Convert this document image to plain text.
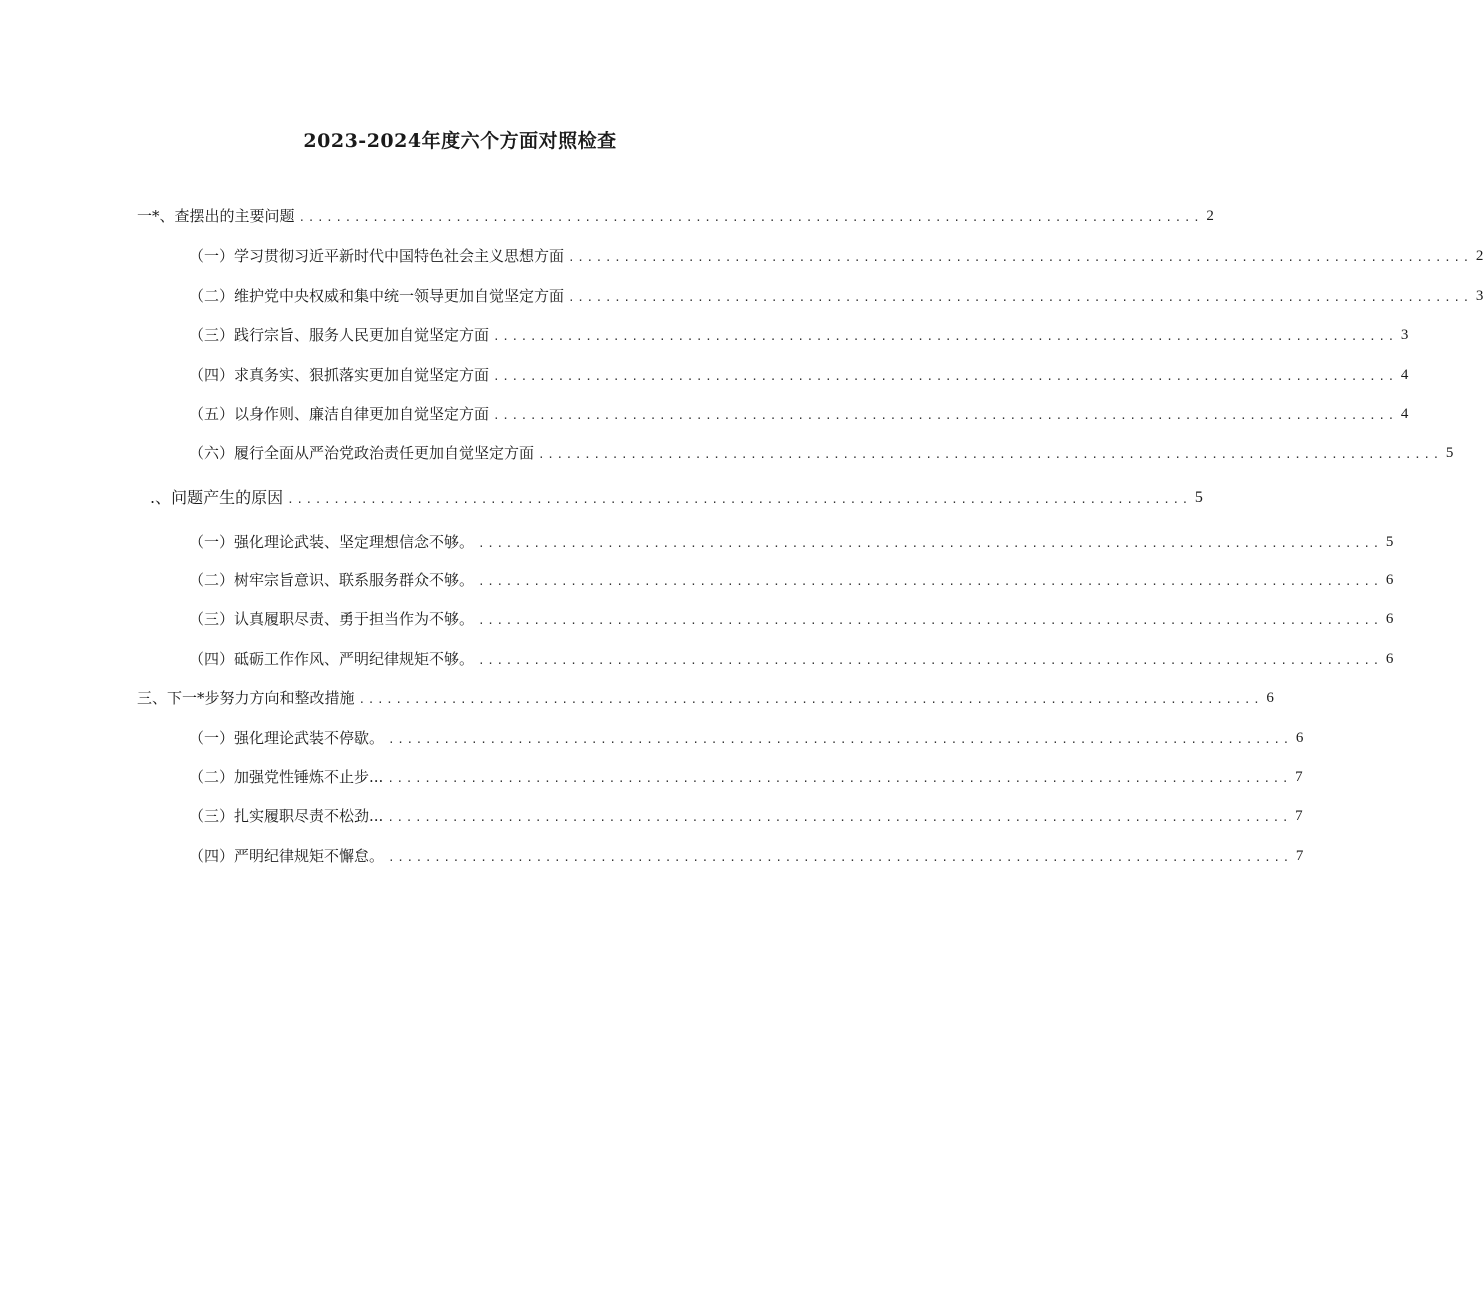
2023-2024年度六个方面对照检查
一*、查摆出的主要问题 .................................................................................................. 2
（一）学习贯彻习近平新时代中国特色社会主义思想方面 .................................................................................................. 2
（二）维护党中央权威和集中统一领导更加自觉坚定方面 .................................................................................................. 3
（三）践行宗旨、服务人民更加自觉坚定方面 .................................................................................................. 3
（四）求真务实、狠抓落实更加自觉坚定方面 .................................................................................................. 4
（五）以身作则、廉洁自律更加自觉坚定方面 .................................................................................................. 4
（六）履行全面从严治党政治责任更加自觉坚定方面 .................................................................................................. 5
.、问题产生的原因 .................................................................................................. 5
（一）强化理论武装、坚定理想信念不够。 .................................................................................................. 5
（二）树牢宗旨意识、联系服务群众不够。 .................................................................................................. 6
（三）认真履职尽责、勇于担当作为不够。 .................................................................................................. 6
（四）砥砺工作作风、严明纪律规矩不够。 .................................................................................................. 6
三、下一*步努力方向和整改措施 .................................................................................................. 6
（一）强化理论武装不停歇。 .................................................................................................. 6
（二）加强党性锤炼不止步... .................................................................................................. 7
（三）扎实履职尽责不松劲... .................................................................................................. 7
（四）严明纪律规矩不懈怠。 .................................................................................................. 7
